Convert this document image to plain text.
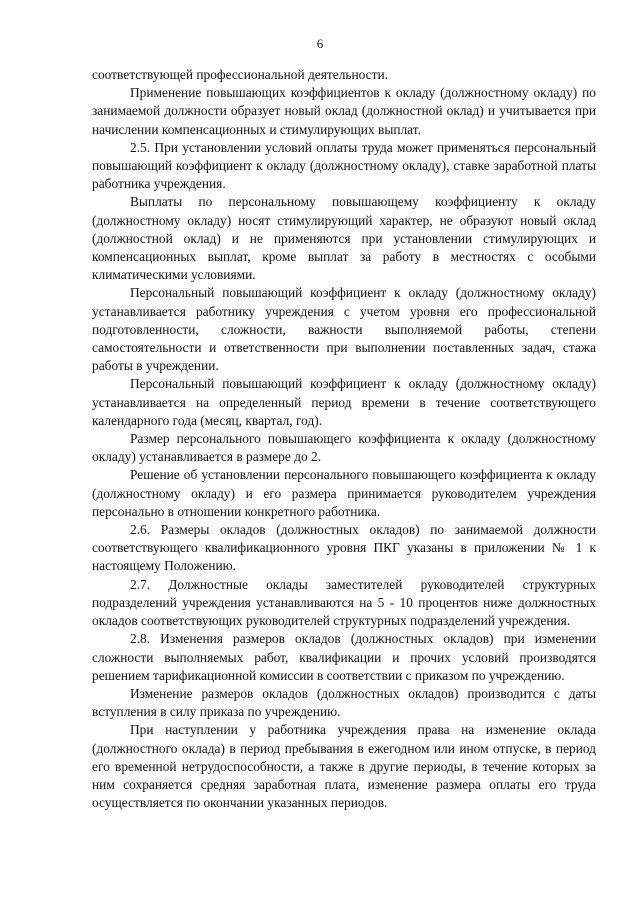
6

соответствующей профессиональной деятельности.

Применение повышающих коэффициентов к окладу (должностному окладу) по занимаемой должности образует новый оклад (должностной оклад) и учитывается при начислении компенсационных и стимулирующих выплат.

2.5. При установлении условий оплаты труда может применяться персональный повышающий коэффициент к окладу (должностному окладу), ставке заработной платы работника учреждения.

Выплаты по персональному повышающему коэффициенту к окладу (должностному окладу) носят стимулирующий характер, не образуют новый оклад (должностной оклад) и не применяются при установлении стимулирующих и компенсационных выплат, кроме выплат за работу в местностях с особыми климатическими условиями.

Персональный повышающий коэффициент к окладу (должностному окладу) устанавливается работнику учреждения с учетом уровня его профессиональной подготовленности, сложности, важности выполняемой работы, степени самостоятельности и ответственности при выполнении поставленных задач, стажа работы в учреждении.

Персональный повышающий коэффициент к окладу (должностному окладу) устанавливается на определенный период времени в течение соответствующего календарного года (месяц, квартал, год).

Размер персонального повышающего коэффициента к окладу (должностному окладу) устанавливается в размере до 2.

Решение об установлении персонального повышающего коэффициента к окладу (должностному окладу) и его размера принимается руководителем учреждения персонально в отношении конкретного работника.

2.6. Размеры окладов (должностных окладов) по занимаемой должности соответствующего квалификационного уровня ПКГ указаны в приложении № 1 к настоящему Положению.

2.7. Должностные оклады заместителей руководителей структурных подразделений учреждения устанавливаются на 5 - 10 процентов ниже должностных окладов соответствующих руководителей структурных подразделений учреждения.

2.8. Изменения размеров окладов (должностных окладов) при изменении сложности выполняемых работ, квалификации и прочих условий производятся решением тарификационной комиссии в соответствии с приказом по учреждению.

Изменение размеров окладов (должностных окладов) производится с даты вступления в силу приказа по учреждению.

При наступлении у работника учреждения права на изменение оклада (должностного оклада) в период пребывания в ежегодном или ином отпуске, в период его временной нетрудоспособности, а также в другие периоды, в течение которых за ним сохраняется средняя заработная плата, изменение размера оплаты его труда осуществляется по окончании указанных периодов.
